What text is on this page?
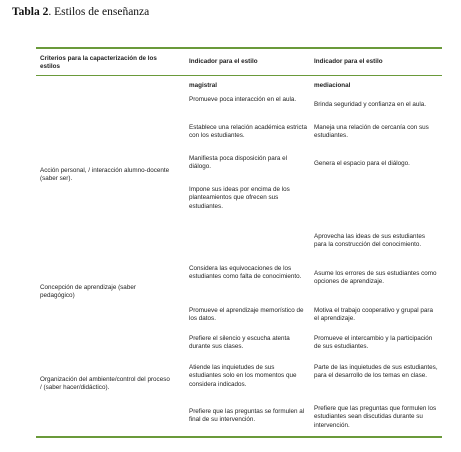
Tabla 2. Estilos de enseñanza
Criterios para la capacterización de los estilos
Indicador para el estilo	Indicador para el estilo
magistral	mediacional
Acción personal, / interacción alumno-docente (saber ser).
Concepción de aprendizaje (saber pedagógico)
Organización del ambiente/control del proceso / (saber hacer/didáctico).
Promueve poca interacción en el aula.
Establece una relación académica estricta con los estudiantes.
Manifiesta poca disposición para el diálogo.
Impone sus ideas por encima de los planteamientos que ofrecen sus estudiantes.
Considera las equivocaciones de los estudiantes como falta de conocimiento.
Promueve el aprendizaje memorístico de los datos.
Prefiere el silencio y escucha atenta durante sus clases.
Atiende las inquietudes de sus estudiantes solo en los momentos que considera indicados.
Prefiere que las preguntas se formulen al final de su intervención.
Brinda seguridad y confianza en el aula.
Maneja una relación de cercanía con sus estudiantes.
Genera el espacio para el diálogo.
Aprovecha las ideas de sus estudiantes para la construcción del conocimiento.
Asume los errores de sus estudiantes como opciones de aprendizaje.
Motiva el trabajo cooperativo y grupal para el aprendizaje.
Promueve el intercambio y la participación de sus estudiantes.
Parte de las inquietudes de sus estudiantes, para el desarrollo de los temas en clase.
Prefiere que las preguntas que formulen los estudiantes sean discutidas durante su intervención.
